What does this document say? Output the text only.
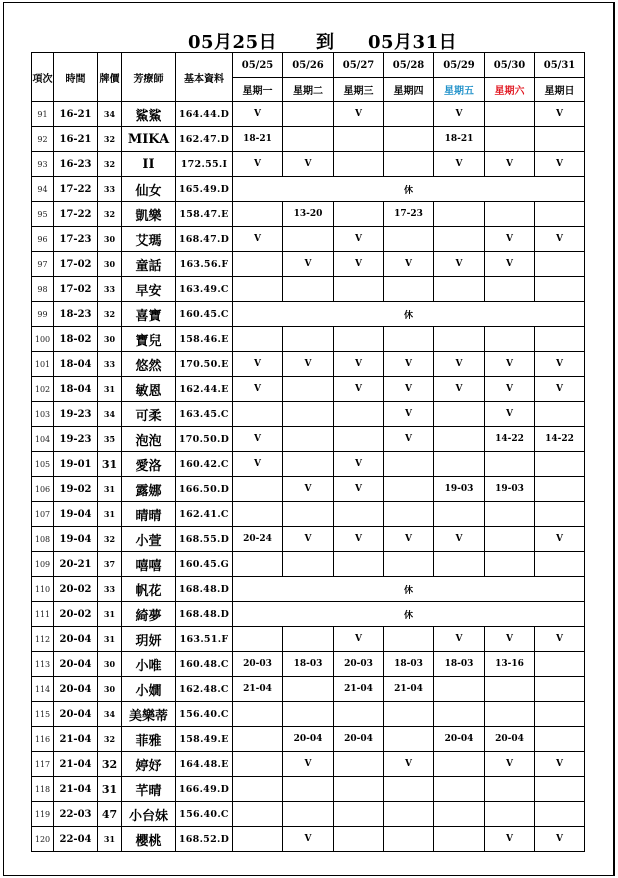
05月25日 到 05月31日
項次	時間	牌價	芳療師	基本資料	05/25	05/26	05/27	05/28	05/29	05/30	05/31
					星期一	星期二	星期三	星期四	星期五	星期六	星期日
91	16-21	34	鯊鯊	164.44.D	V		V		V		V
92	16-21	32	MIKA	162.47.D	18-21				18-21		
93	16-23	32	II	172.55.I	V	V			V	V	V
94	17-22	33	仙女	165.49.D	休						
95	17-22	32	凱樂	158.47.E		13-20		17-23			
96	17-23	30	艾瑪	168.47.D	V		V			V	V
97	17-02	30	童話	163.56.F		V	V	V	V	V	
98	17-02	33	早安	163.49.C							
99	18-23	32	喜寶	160.45.C	休						
100	18-02	30	寶兒	158.46.E							
101	18-04	33	悠然	170.50.E	V	V	V	V	V	V	V
102	18-04	31	敏恩	162.44.E	V		V	V	V	V	V
103	19-23	34	可柔	163.45.C				V		V	
104	19-23	35	泡泡	170.50.D	V			V		14-22	14-22
105	19-01	31	愛洛	160.42.C	V		V				
106	19-02	31	露娜	166.50.D		V	V		19-03	19-03	
107	19-04	31	晴晴	162.41.C							
108	19-04	32	小萱	168.55.D	20-24	V	V	V	V		V
109	20-21	37	嘻嘻	160.45.G							
110	20-02	33	帆花	168.48.D	休						
111	20-02	31	綺夢	168.48.D	休						
112	20-04	31	玥妍	163.51.F			V		V	V	V
113	20-04	30	小唯	160.48.C	20-03	18-03	20-03	18-03	18-03	13-16	
114	20-04	30	小嫺	162.48.C	21-04		21-04	21-04			
115	20-04	34	美樂蒂	156.40.C							
116	21-04	32	菲雅	158.49.E		20-04	20-04		20-04	20-04	
117	21-04	32	婷妤	164.48.E		V		V		V	V
118	21-04	31	芊晴	166.49.D							
119	22-03	47	小台妹	156.40.C							
120	22-04	31	櫻桃	168.52.D		V				V	V
